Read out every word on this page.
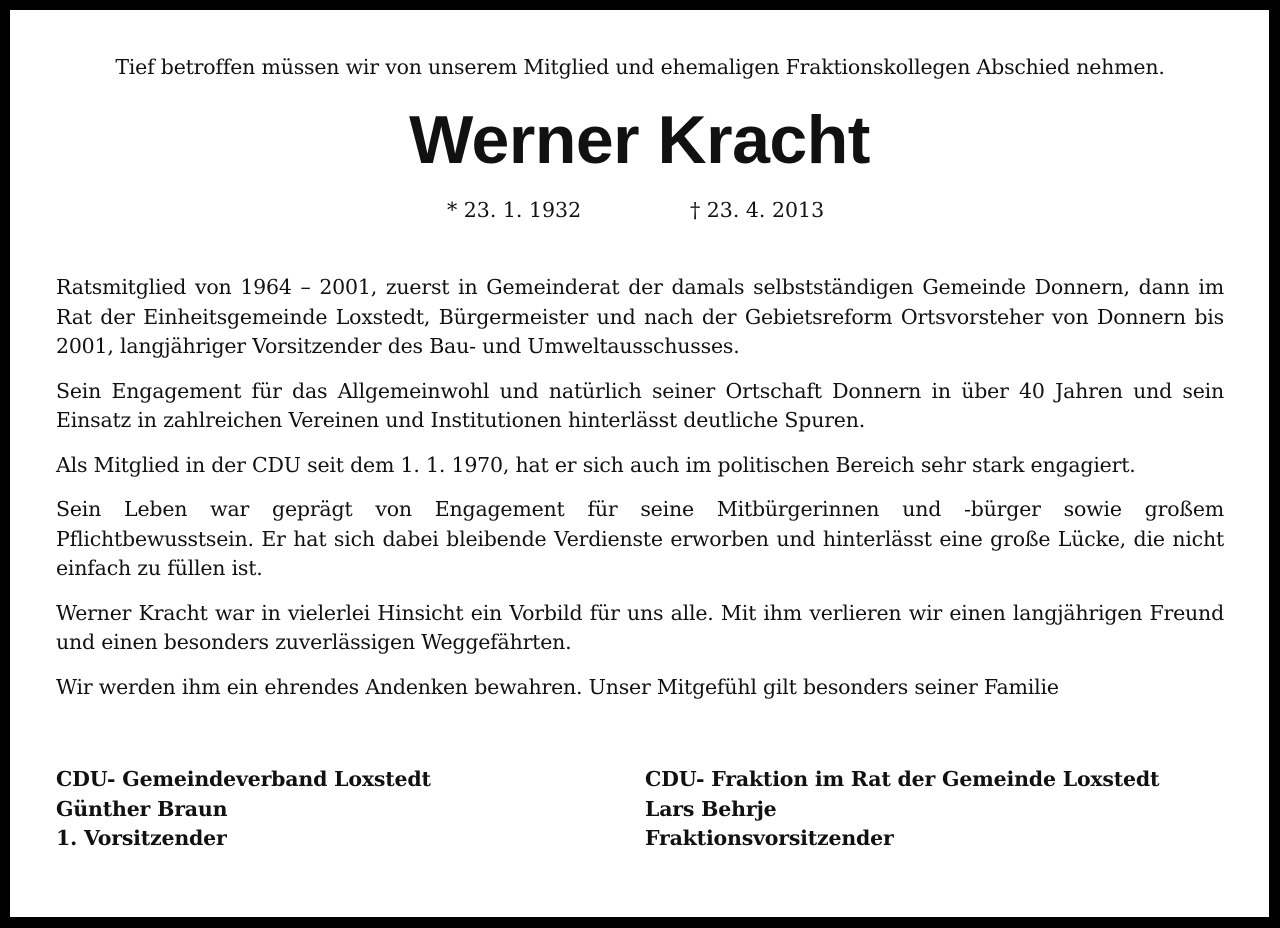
Tief betroffen müssen wir von unserem Mitglied und ehemaligen Fraktionskollegen Abschied nehmen.

Werner Kracht
* 23. 1. 1932	† 23. 4. 2013

Ratsmitglied von 1964 – 2001, zuerst in Gemeinderat der damals selbstständigen Gemeinde Donnern, dann im Rat der Einheitsgemeinde Loxstedt, Bürgermeister und nach der Gebietsreform Ortsvorsteher von Donnern bis 2001, langjähriger Vorsitzender des Bau- und Umweltausschusses.

Sein Engagement für das Allgemeinwohl und natürlich seiner Ortschaft Donnern in über 40 Jahren und sein Einsatz in zahlreichen Vereinen und Institutionen hinterlässt deutliche Spuren.

Als Mitglied in der CDU seit dem 1. 1. 1970, hat er sich auch im politischen Bereich sehr stark engagiert.

Sein Leben war geprägt von Engagement für seine Mitbürgerinnen und -bürger sowie großem Pflichtbewusstsein. Er hat sich dabei bleibende Verdienste erworben und hinterlässt eine große Lücke, die nicht einfach zu füllen ist.

Werner Kracht war in vielerlei Hinsicht ein Vorbild für uns alle. Mit ihm verlieren wir einen langjährigen Freund und einen besonders zuverlässigen Weggefährten.

Wir werden ihm ein ehrendes Andenken bewahren. Unser Mitgefühl gilt besonders seiner Familie

CDU- Gemeindeverband Loxstedt
Günther Braun
1. Vorsitzender
CDU- Fraktion im Rat der Gemeinde Loxstedt
Lars Behrje
Fraktionsvorsitzender
